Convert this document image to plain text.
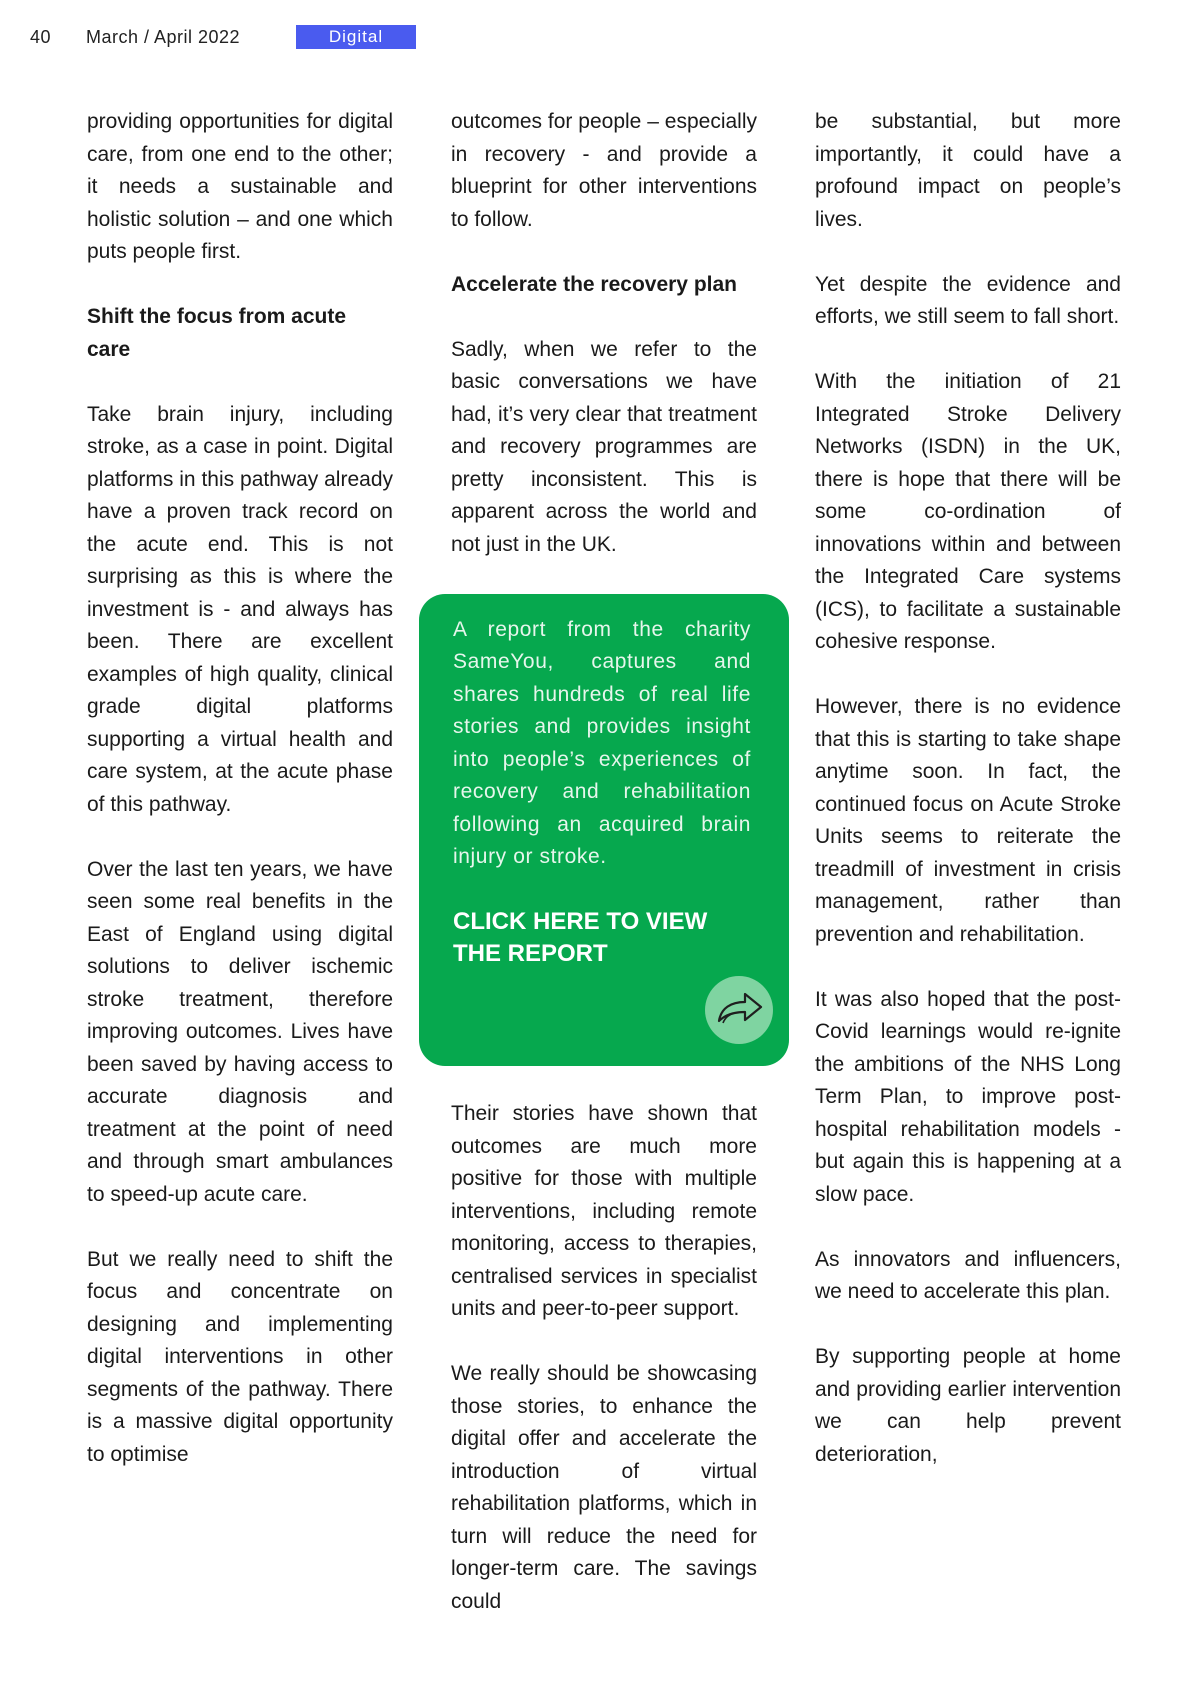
40	March / April 2022	Digital

providing opportunities for digital care, from one end to the other; it needs a sustainable and holistic solution – and one which puts people first.

Shift the focus from acute care

Take brain injury, including stroke, as a case in point. Digital platforms in this pathway already have a proven track record on the acute end. This is not surprising as this is where the investment is - and always has been. There are excellent examples of high quality, clinical grade digital platforms supporting a virtual health and care system, at the acute phase of this pathway.

Over the last ten years, we have seen some real benefits in the East of England using digital solutions to deliver ischemic stroke treatment, therefore improving outcomes. Lives have been saved by having access to accurate diagnosis and treatment at the point of need and through smart ambulances to speed-up acute care.

But we really need to shift the focus and concentrate on designing and implementing digital interventions in other segments of the pathway. There is a massive digital opportunity to optimise

outcomes for people – especially in recovery - and provide a blueprint for other interventions to follow.

Accelerate the recovery plan

Sadly, when we refer to the basic conversations we have had, it’s very clear that treatment and recovery programmes are pretty inconsistent. This is apparent across the world and not just in the UK.

A report from the charity SameYou, captures and shares hundreds of real life stories and provides insight into people’s experiences of recovery and rehabilitation following an acquired brain injury or stroke.

CLICK HERE TO VIEW
THE REPORT

Their stories have shown that outcomes are much more positive for those with multiple interventions, including remote monitoring, access to therapies, centralised services in specialist units and peer-to-peer support.

We really should be showcasing those stories, to enhance the digital offer and accelerate the introduction of virtual rehabilitation platforms, which in turn will reduce the need for longer-term care. The savings could

be substantial, but more importantly, it could have a profound impact on people’s lives.

Yet despite the evidence and efforts, we still seem to fall short.

With the initiation of 21 Integrated Stroke Delivery Networks (ISDN) in the UK, there is hope that there will be some co-ordination of innovations within and between the Integrated Care systems (ICS), to facilitate a sustainable cohesive response.

However, there is no evidence that this is starting to take shape anytime soon. In fact, the continued focus on Acute Stroke Units seems to reiterate the treadmill of investment in crisis management, rather than prevention and rehabilitation.

It was also hoped that the post-Covid learnings would re-ignite the ambitions of the NHS Long Term Plan, to improve post-hospital rehabilitation models - but again this is happening at a slow pace.

As innovators and influencers, we need to accelerate this plan.

By supporting people at home and providing earlier intervention we can help prevent deterioration,
